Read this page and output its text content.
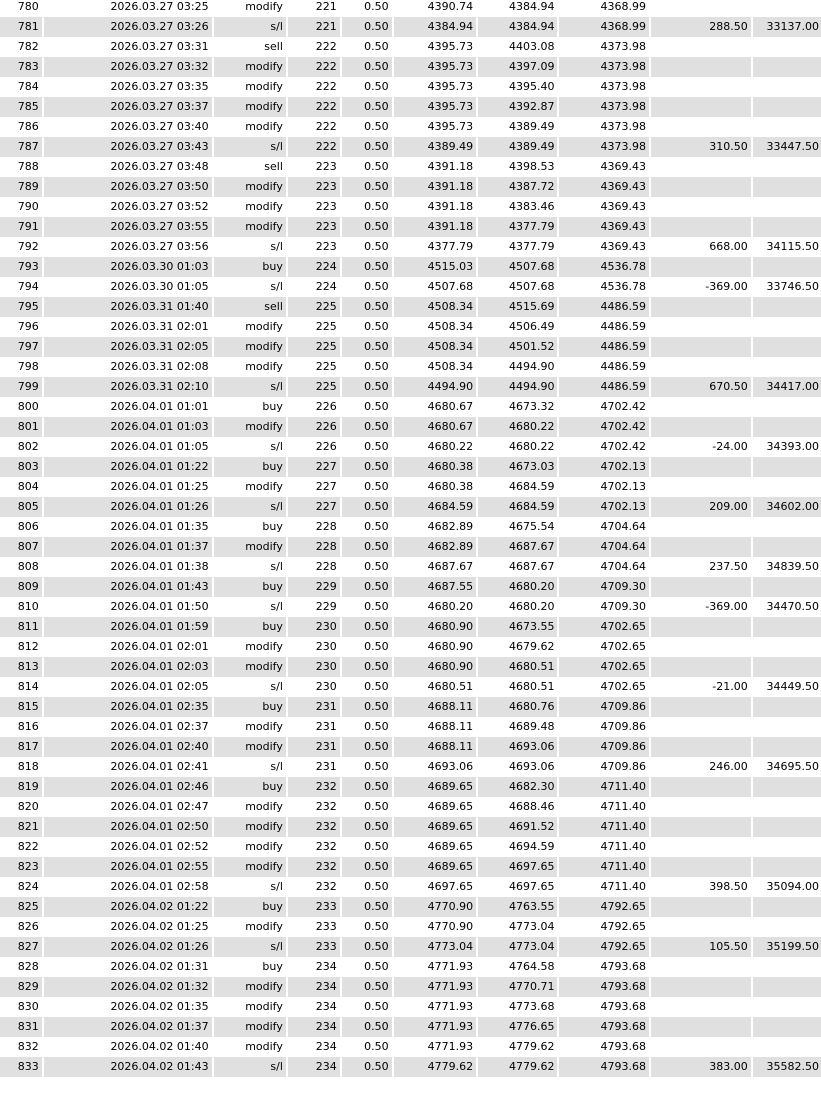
780	2026.03.27 03:25	modify	221	0.50	4390.74	4384.94	4368.99		
781	2026.03.27 03:26	s/l	221	0.50	4384.94	4384.94	4368.99	288.50	33137.00
782	2026.03.27 03:31	sell	222	0.50	4395.73	4403.08	4373.98		
783	2026.03.27 03:32	modify	222	0.50	4395.73	4397.09	4373.98		
784	2026.03.27 03:35	modify	222	0.50	4395.73	4395.40	4373.98		
785	2026.03.27 03:37	modify	222	0.50	4395.73	4392.87	4373.98		
786	2026.03.27 03:40	modify	222	0.50	4395.73	4389.49	4373.98		
787	2026.03.27 03:43	s/l	222	0.50	4389.49	4389.49	4373.98	310.50	33447.50
788	2026.03.27 03:48	sell	223	0.50	4391.18	4398.53	4369.43		
789	2026.03.27 03:50	modify	223	0.50	4391.18	4387.72	4369.43		
790	2026.03.27 03:52	modify	223	0.50	4391.18	4383.46	4369.43		
791	2026.03.27 03:55	modify	223	0.50	4391.18	4377.79	4369.43		
792	2026.03.27 03:56	s/l	223	0.50	4377.79	4377.79	4369.43	668.00	34115.50
793	2026.03.30 01:03	buy	224	0.50	4515.03	4507.68	4536.78		
794	2026.03.30 01:05	s/l	224	0.50	4507.68	4507.68	4536.78	-369.00	33746.50
795	2026.03.31 01:40	sell	225	0.50	4508.34	4515.69	4486.59		
796	2026.03.31 02:01	modify	225	0.50	4508.34	4506.49	4486.59		
797	2026.03.31 02:05	modify	225	0.50	4508.34	4501.52	4486.59		
798	2026.03.31 02:08	modify	225	0.50	4508.34	4494.90	4486.59		
799	2026.03.31 02:10	s/l	225	0.50	4494.90	4494.90	4486.59	670.50	34417.00
800	2026.04.01 01:01	buy	226	0.50	4680.67	4673.32	4702.42		
801	2026.04.01 01:03	modify	226	0.50	4680.67	4680.22	4702.42		
802	2026.04.01 01:05	s/l	226	0.50	4680.22	4680.22	4702.42	-24.00	34393.00
803	2026.04.01 01:22	buy	227	0.50	4680.38	4673.03	4702.13		
804	2026.04.01 01:25	modify	227	0.50	4680.38	4684.59	4702.13		
805	2026.04.01 01:26	s/l	227	0.50	4684.59	4684.59	4702.13	209.00	34602.00
806	2026.04.01 01:35	buy	228	0.50	4682.89	4675.54	4704.64		
807	2026.04.01 01:37	modify	228	0.50	4682.89	4687.67	4704.64		
808	2026.04.01 01:38	s/l	228	0.50	4687.67	4687.67	4704.64	237.50	34839.50
809	2026.04.01 01:43	buy	229	0.50	4687.55	4680.20	4709.30		
810	2026.04.01 01:50	s/l	229	0.50	4680.20	4680.20	4709.30	-369.00	34470.50
811	2026.04.01 01:59	buy	230	0.50	4680.90	4673.55	4702.65		
812	2026.04.01 02:01	modify	230	0.50	4680.90	4679.62	4702.65		
813	2026.04.01 02:03	modify	230	0.50	4680.90	4680.51	4702.65		
814	2026.04.01 02:05	s/l	230	0.50	4680.51	4680.51	4702.65	-21.00	34449.50
815	2026.04.01 02:35	buy	231	0.50	4688.11	4680.76	4709.86		
816	2026.04.01 02:37	modify	231	0.50	4688.11	4689.48	4709.86		
817	2026.04.01 02:40	modify	231	0.50	4688.11	4693.06	4709.86		
818	2026.04.01 02:41	s/l	231	0.50	4693.06	4693.06	4709.86	246.00	34695.50
819	2026.04.01 02:46	buy	232	0.50	4689.65	4682.30	4711.40		
820	2026.04.01 02:47	modify	232	0.50	4689.65	4688.46	4711.40		
821	2026.04.01 02:50	modify	232	0.50	4689.65	4691.52	4711.40		
822	2026.04.01 02:52	modify	232	0.50	4689.65	4694.59	4711.40		
823	2026.04.01 02:55	modify	232	0.50	4689.65	4697.65	4711.40		
824	2026.04.01 02:58	s/l	232	0.50	4697.65	4697.65	4711.40	398.50	35094.00
825	2026.04.02 01:22	buy	233	0.50	4770.90	4763.55	4792.65		
826	2026.04.02 01:25	modify	233	0.50	4770.90	4773.04	4792.65		
827	2026.04.02 01:26	s/l	233	0.50	4773.04	4773.04	4792.65	105.50	35199.50
828	2026.04.02 01:31	buy	234	0.50	4771.93	4764.58	4793.68		
829	2026.04.02 01:32	modify	234	0.50	4771.93	4770.71	4793.68		
830	2026.04.02 01:35	modify	234	0.50	4771.93	4773.68	4793.68		
831	2026.04.02 01:37	modify	234	0.50	4771.93	4776.65	4793.68		
832	2026.04.02 01:40	modify	234	0.50	4771.93	4779.62	4793.68		
833	2026.04.02 01:43	s/l	234	0.50	4779.62	4779.62	4793.68	383.00	35582.50
